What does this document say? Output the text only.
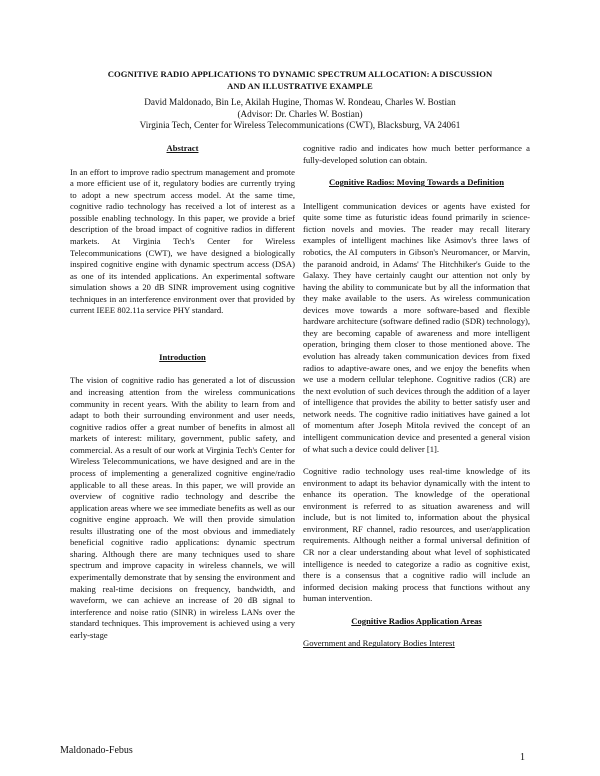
COGNITIVE RADIO APPLICATIONS TO DYNAMIC SPECTRUM ALLOCATION: A DISCUSSION
AND AN ILLUSTRATIVE EXAMPLE
David Maldonado, Bin Le, Akilah Hugine, Thomas W. Rondeau, Charles W. Bostian
(Advisor: Dr. Charles W. Bostian)
Virginia Tech, Center for Wireless Telecommunications (CWT), Blacksburg, VA 24061

Abstract

In an effort to improve radio spectrum management and promote a more efficient use of it, regulatory bodies are currently trying to adopt a new spectrum access model. At the same time, cognitive radio technology has received a lot of interest as a possible enabling technology. In this paper, we provide a brief description of the broad impact of cognitive radios in different markets. At Virginia Tech's Center for Wireless Telecommunications (CWT), we have designed a biologically inspired cognitive engine with dynamic spectrum access (DSA) as one of its intended applications. An experimental software simulation shows a 20 dB SINR improvement using cognitive techniques in an interference environment over that provided by current IEEE 802.11a service PHY standard.

Introduction

The vision of cognitive radio has generated a lot of discussion and increasing attention from the wireless communications community in recent years. With the ability to learn from and adapt to both their surrounding environment and user needs, cognitive radios offer a great number of benefits in almost all markets of interest: military, government, public safety, and commercial. As a result of our work at Virginia Tech's Center for Wireless Telecommunications, we have designed and are in the process of implementing a generalized cognitive engine/radio applicable to all these areas. In this paper, we will provide an overview of cognitive radio technology and describe the application areas where we see immediate benefits as well as our cognitive engine approach. We will then provide simulation results illustrating one of the most obvious and immediately beneficial cognitive radio applications: dynamic spectrum sharing. Although there are many techniques used to share spectrum and improve capacity in wireless channels, we will experimentally demonstrate that by sensing the environment and making real-time decisions on frequency, bandwidth, and waveform, we can achieve an increase of 20 dB signal to interference and noise ratio (SINR) in wireless LANs over the standard techniques. This improvement is achieved using a very early-stage

cognitive radio and indicates how much better performance a fully-developed solution can obtain.

Cognitive Radios: Moving Towards a Definition

Intelligent communication devices or agents have existed for quite some time as futuristic ideas found primarily in science-fiction novels and movies. The reader may recall literary examples of intelligent machines like Asimov's three laws of robotics, the AI computers in Gibson's Neuromancer, or Marvin, the paranoid android, in Adams' The Hitchhiker's Guide to the Galaxy. They have certainly caught our attention not only by having the ability to communicate but by all the information that they make available to the users. As wireless communication devices move towards a more software-based and flexible hardware architecture (software defined radio (SDR) technology), they are becoming capable of awareness and more intelligent operation, bringing them closer to those mentioned above. The evolution has already taken communication devices from fixed radios to adaptive-aware ones, and we enjoy the benefits when we use a modern cellular telephone. Cognitive radios (CR) are the next evolution of such devices through the addition of a layer of intelligence that provides the ability to better satisfy user and network needs. The cognitive radio initiatives have gained a lot of momentum after Joseph Mitola revived the concept of an intelligent communication device and presented a general vision of what such a device could deliver [1].

Cognitive radio technology uses real-time knowledge of its environment to adapt its behavior dynamically with the intent to enhance its operation. The knowledge of the operational environment is referred to as situation awareness and will include, but is not limited to, information about the physical environment, RF channel, radio resources, and user/application requirements. Although neither a formal universal definition of CR nor a clear understanding about what level of sophisticated intelligence is needed to categorize a radio as cognitive exist, there is a consensus that a cognitive radio will include an informed decision making process that functions without any human intervention.

Cognitive Radios Application Areas

Government and Regulatory Bodies Interest

Maldonado-Febus
1
